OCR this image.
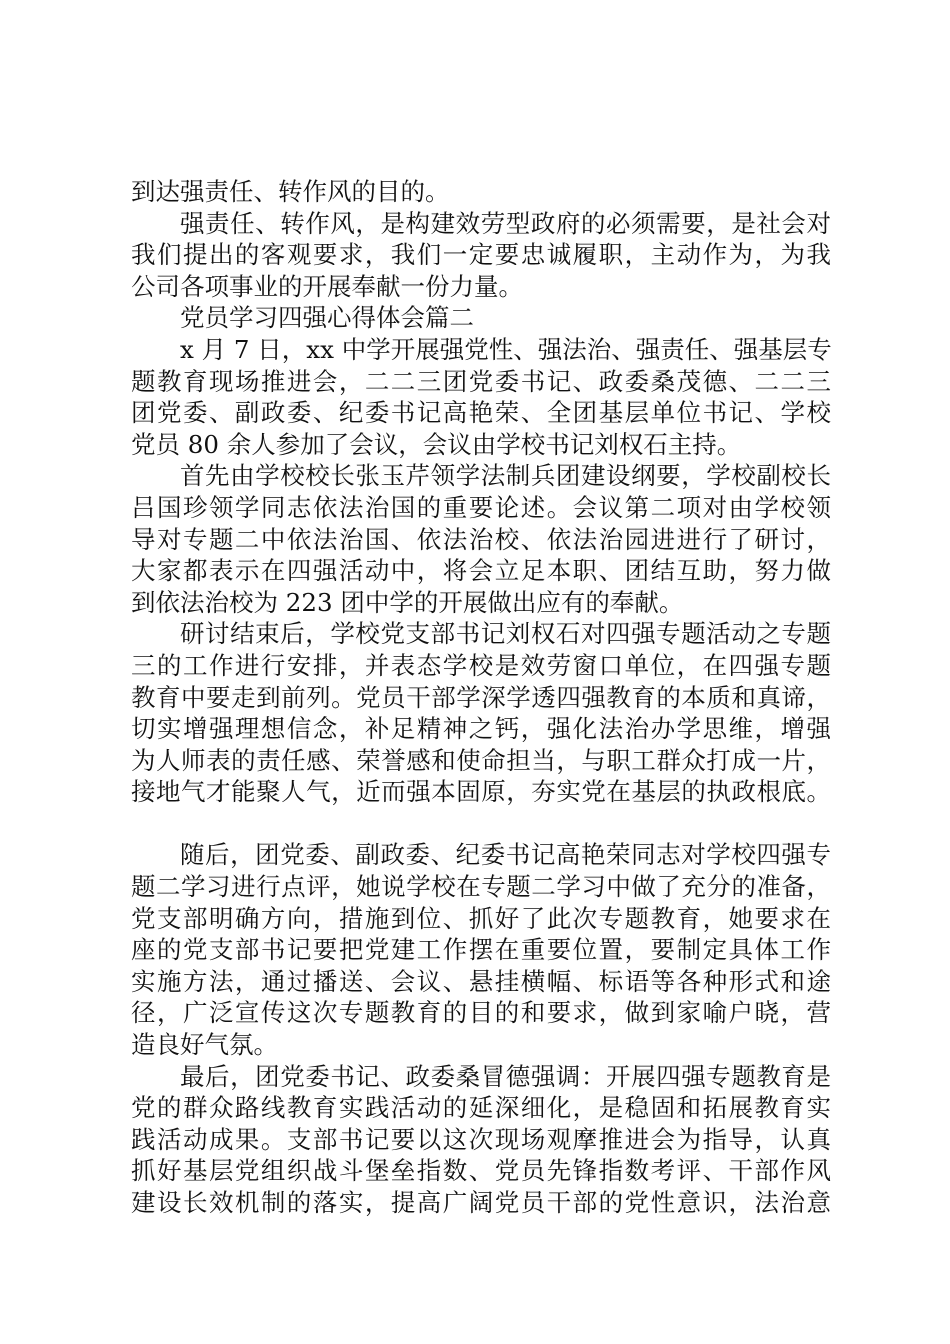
到达强责任、转作风的目的。
强责任、转作风，是构建效劳型政府的必须需要，是社会对
我们提出的客观要求，我们一定要忠诚履职，主动作为，为我
公司各项事业的开展奉献一份力量。
党员学习四强心得体会篇二
x 月 7 日，xx 中学开展强党性、强法治、强责任、强基层专
题教育现场推进会，二二三团党委书记、政委桑茂德、二二三
团党委、副政委、纪委书记高艳荣、全团基层单位书记、学校
党员 80 余人参加了会议，会议由学校书记刘权石主持。
首先由学校校长张玉芹领学法制兵团建设纲要，学校副校长
吕国珍领学同志依法治国的重要论述。会议第二项对由学校领
导对专题二中依法治国、依法治校、依法治园进进行了研讨，
大家都表示在四强活动中，将会立足本职、团结互助，努力做
到依法治校为 223 团中学的开展做出应有的奉献。
研讨结束后，学校党支部书记刘权石对四强专题活动之专题
三的工作进行安排，并表态学校是效劳窗口单位，在四强专题
教育中要走到前列。党员干部学深学透四强教育的本质和真谛，
切实增强理想信念，补足精神之钙，强化法治办学思维，增强
为人师表的责任感、荣誉感和使命担当，与职工群众打成一片，
接地气才能聚人气，近而强本固原，夯实党在基层的执政根底。
随后，团党委、副政委、纪委书记高艳荣同志对学校四强专
题二学习进行点评，她说学校在专题二学习中做了充分的准备，
党支部明确方向，措施到位、抓好了此次专题教育，她要求在
座的党支部书记要把党建工作摆在重要位置，要制定具体工作
实施方法，通过播送、会议、悬挂横幅、标语等各种形式和途
径，广泛宣传这次专题教育的目的和要求，做到家喻户晓，营
造良好气氛。
最后，团党委书记、政委桑冒德强调：开展四强专题教育是
党的群众路线教育实践活动的延深细化，是稳固和拓展教育实
践活动成果。支部书记要以这次现场观摩推进会为指导，认真
抓好基层党组织战斗堡垒指数、党员先锋指数考评、干部作风
建设长效机制的落实，提高广阔党员干部的党性意识，法治意
